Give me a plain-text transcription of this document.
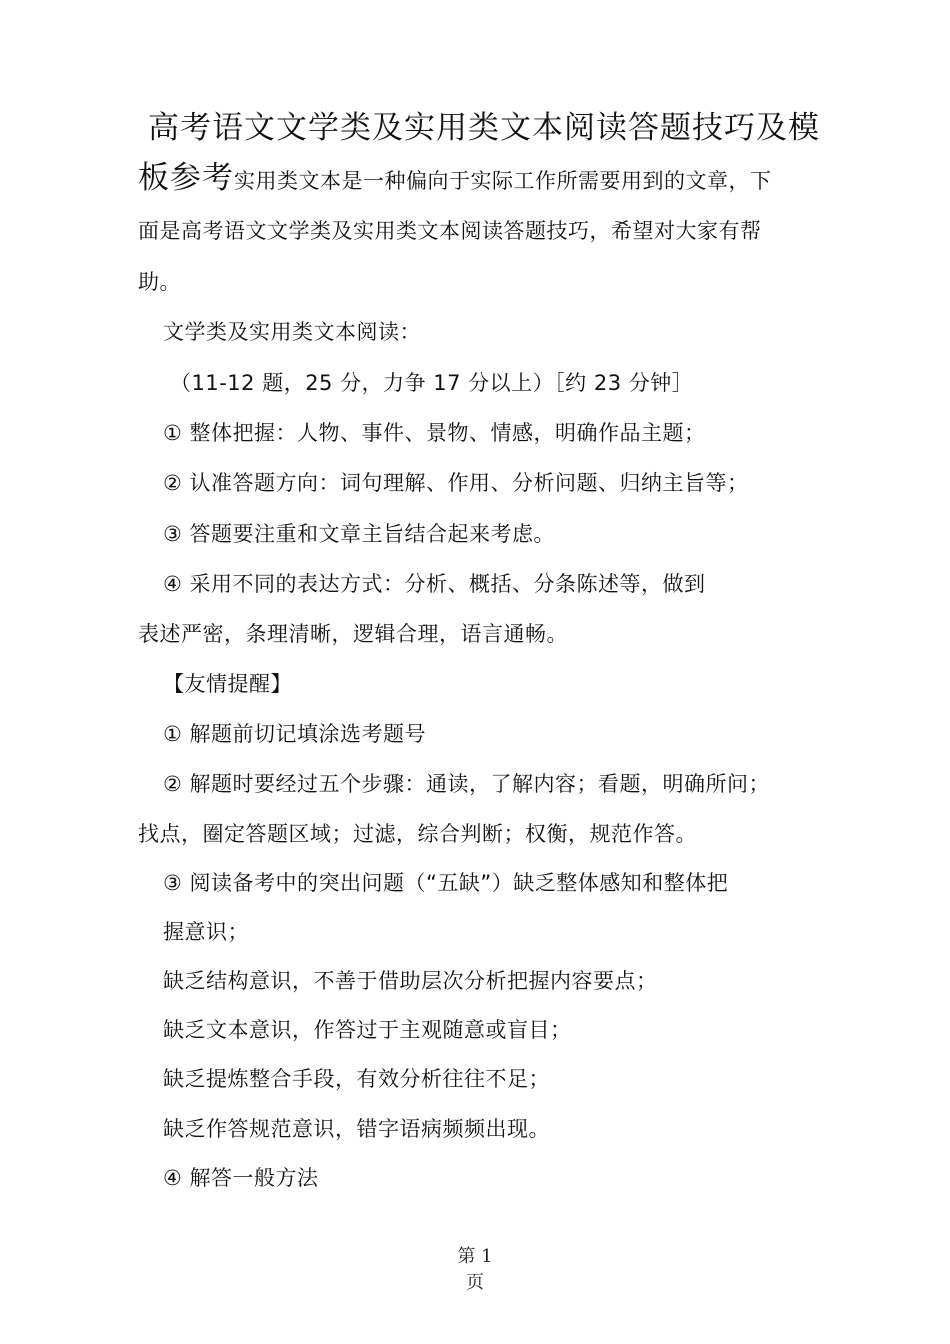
高考语文文学类及实用类文本阅读答题技巧及模
板参考实用类文本是一种偏向于实际工作所需要用到的文章，下
面是高考语文文学类及实用类文本阅读答题技巧，希望对大家有帮
助。
文学类及实用类文本阅读：
（11-12 题，25 分，力争 17 分以上）［约 23 分钟］
① 整体把握：人物、事件、景物、情感，明确作品主题；
② 认准答题方向：词句理解、作用、分析问题、归纳主旨等；
③ 答题要注重和文章主旨结合起来考虑。
④ 采用不同的表达方式：分析、概括、分条陈述等，做到
表述严密，条理清晰，逻辑合理，语言通畅。
【友情提醒】
① 解题前切记填涂选考题号
② 解题时要经过五个步骤：通读，了解内容；看题，明确所问；
找点，圈定答题区域；过滤，综合判断；权衡，规范作答。
③ 阅读备考中的突出问题（“五缺”）缺乏整体感知和整体把
握意识；
缺乏结构意识，不善于借助层次分析把握内容要点；
缺乏文本意识，作答过于主观随意或盲目；
缺乏提炼整合手段，有效分析往往不足；
缺乏作答规范意识，错字语病频频出现。
④ 解答一般方法
第 1
页
